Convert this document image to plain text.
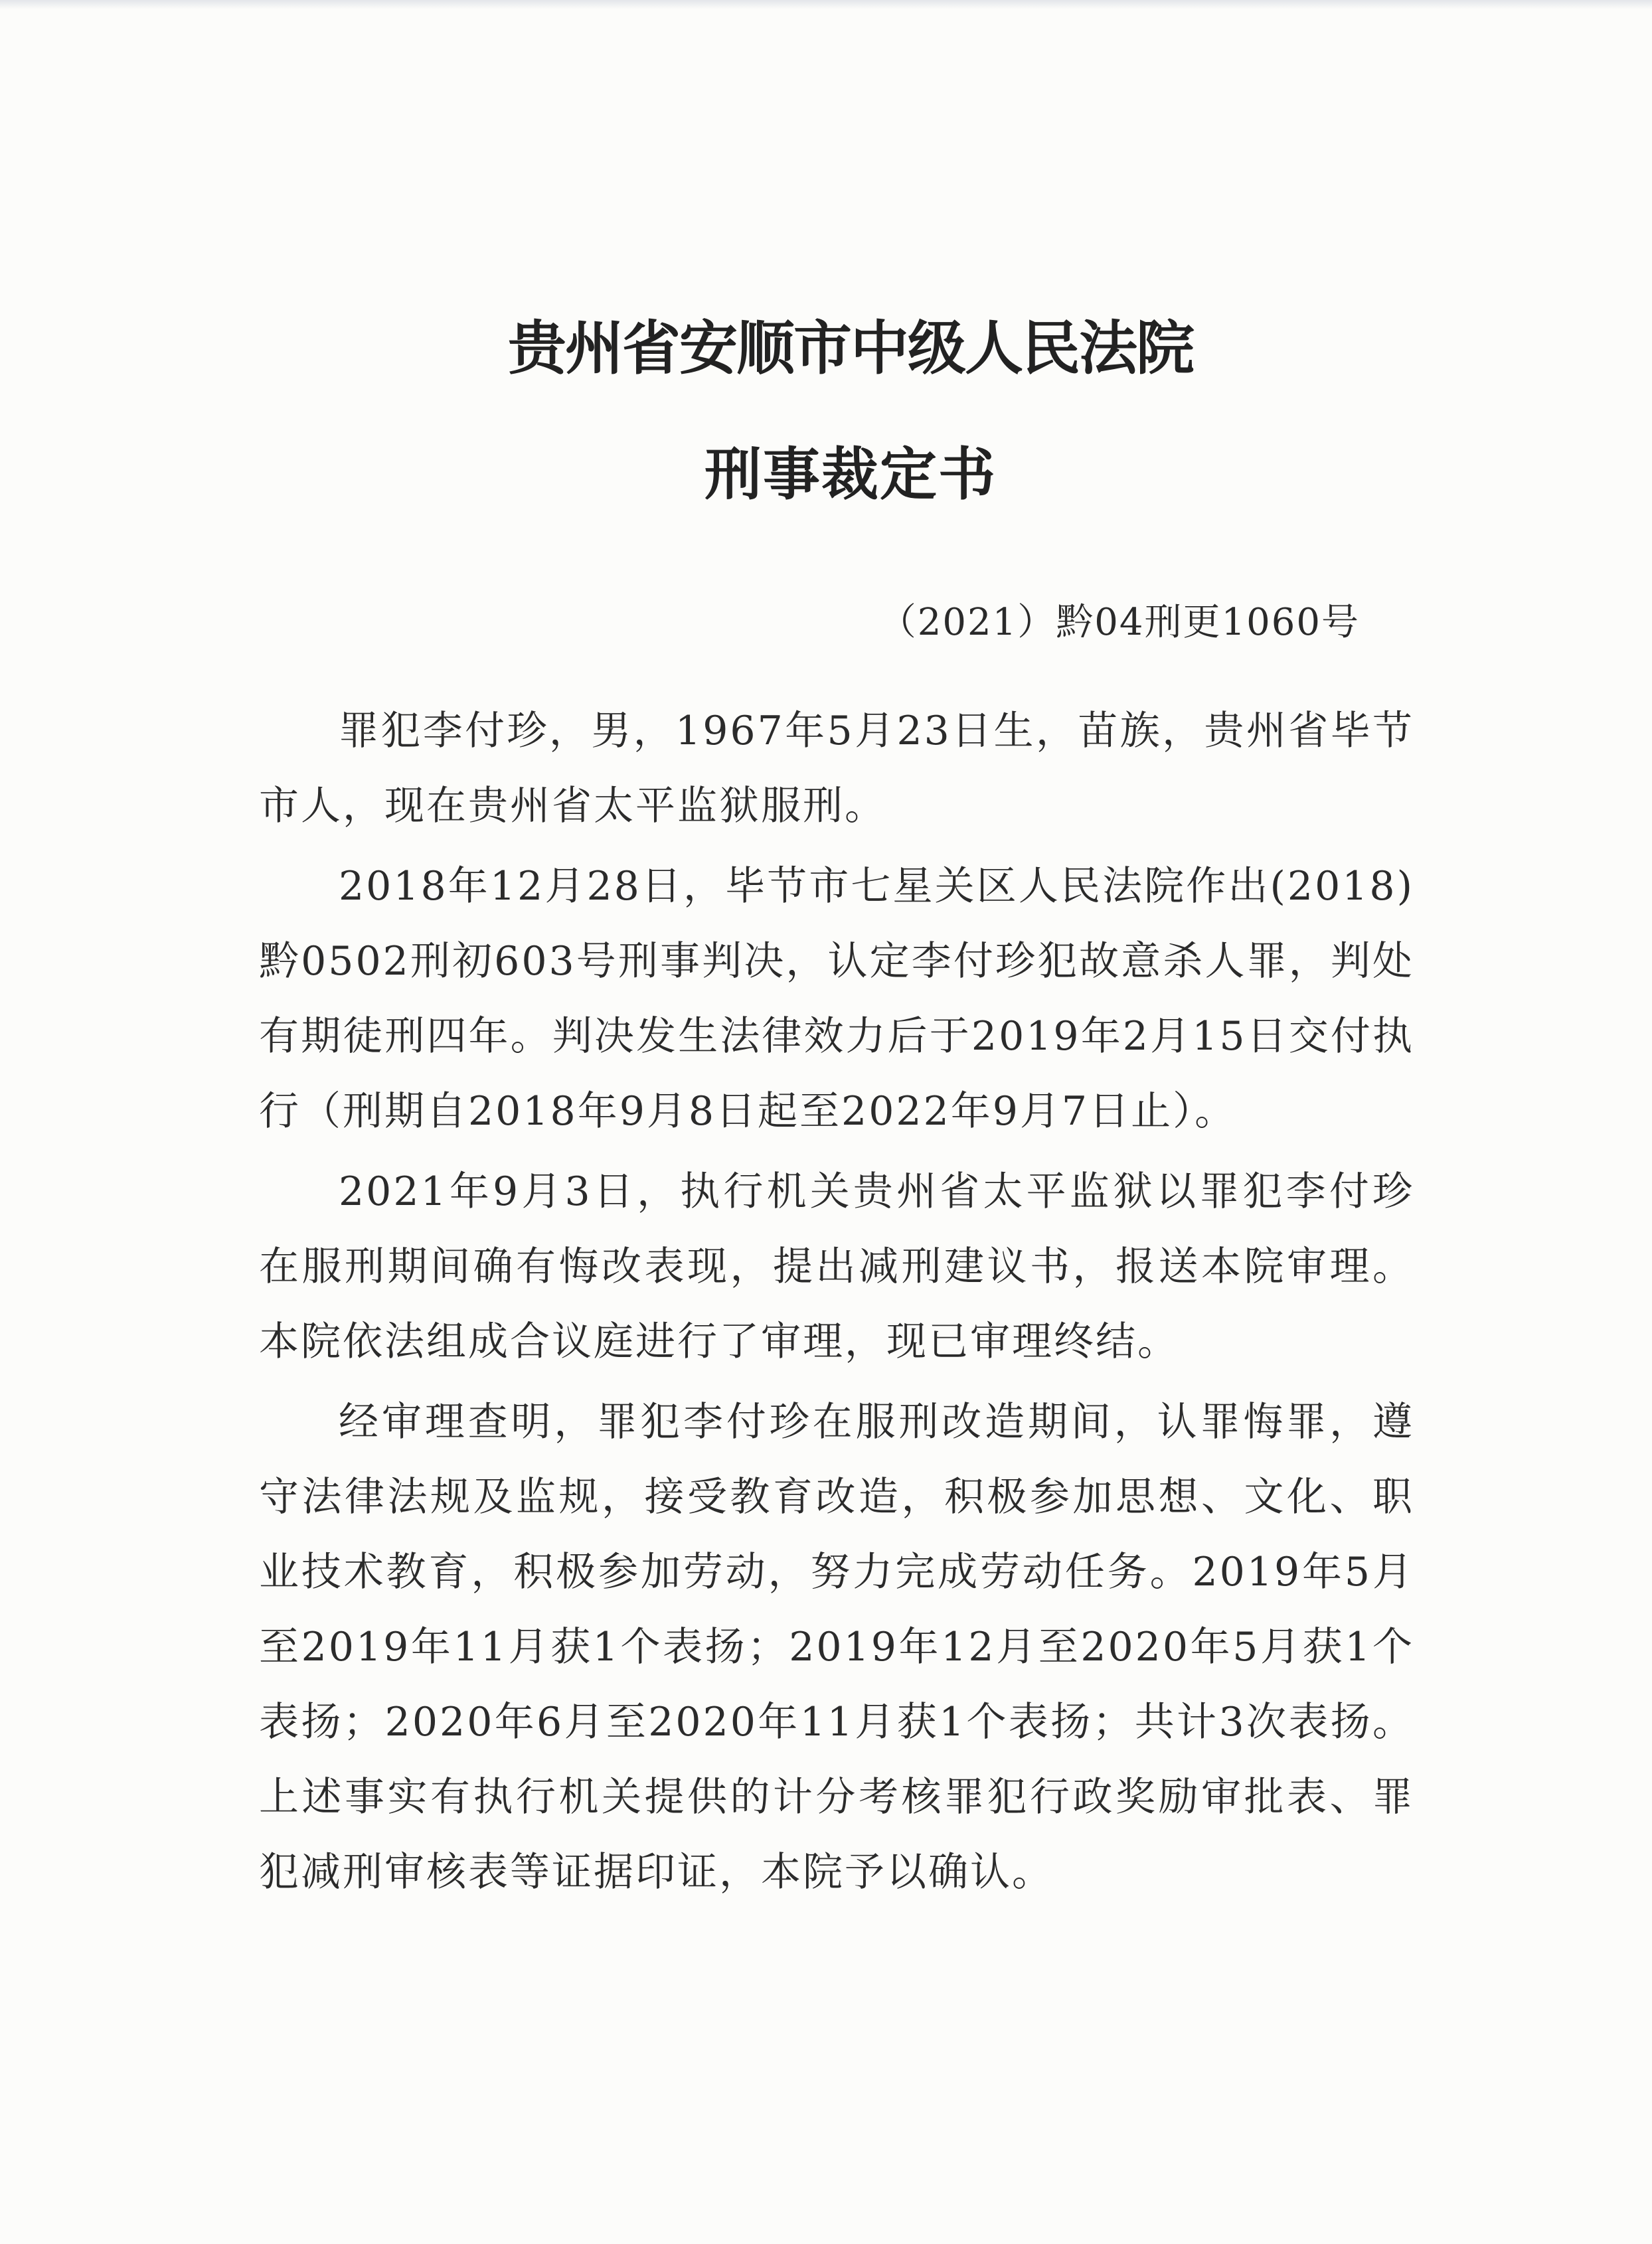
贵州省安顺市中级人民法院
刑事裁定书
（2021）黔04刑更1060号

罪犯李付珍，男，1967年5月23日生，苗族，贵州省毕节市人，现在贵州省太平监狱服刑。

2018年12月28日，毕节市七星关区人民法院作出(2018)黔0502刑初603号刑事判决，认定李付珍犯故意杀人罪，判处有期徒刑四年。判决发生法律效力后于2019年2月15日交付执行（刑期自2018年9月8日起至2022年9月7日止）。

2021年9月3日，执行机关贵州省太平监狱以罪犯李付珍在服刑期间确有悔改表现，提出减刑建议书，报送本院审理。本院依法组成合议庭进行了审理，现已审理终结。

经审理查明，罪犯李付珍在服刑改造期间，认罪悔罪，遵守法律法规及监规，接受教育改造，积极参加思想、文化、职业技术教育，积极参加劳动，努力完成劳动任务。2019年5月至2019年11月获1个表扬；2019年12月至2020年5月获1个表扬；2020年6月至2020年11月获1个表扬；共计3次表扬。上述事实有执行机关提供的计分考核罪犯行政奖励审批表、罪犯减刑审核表等证据印证，本院予以确认。
